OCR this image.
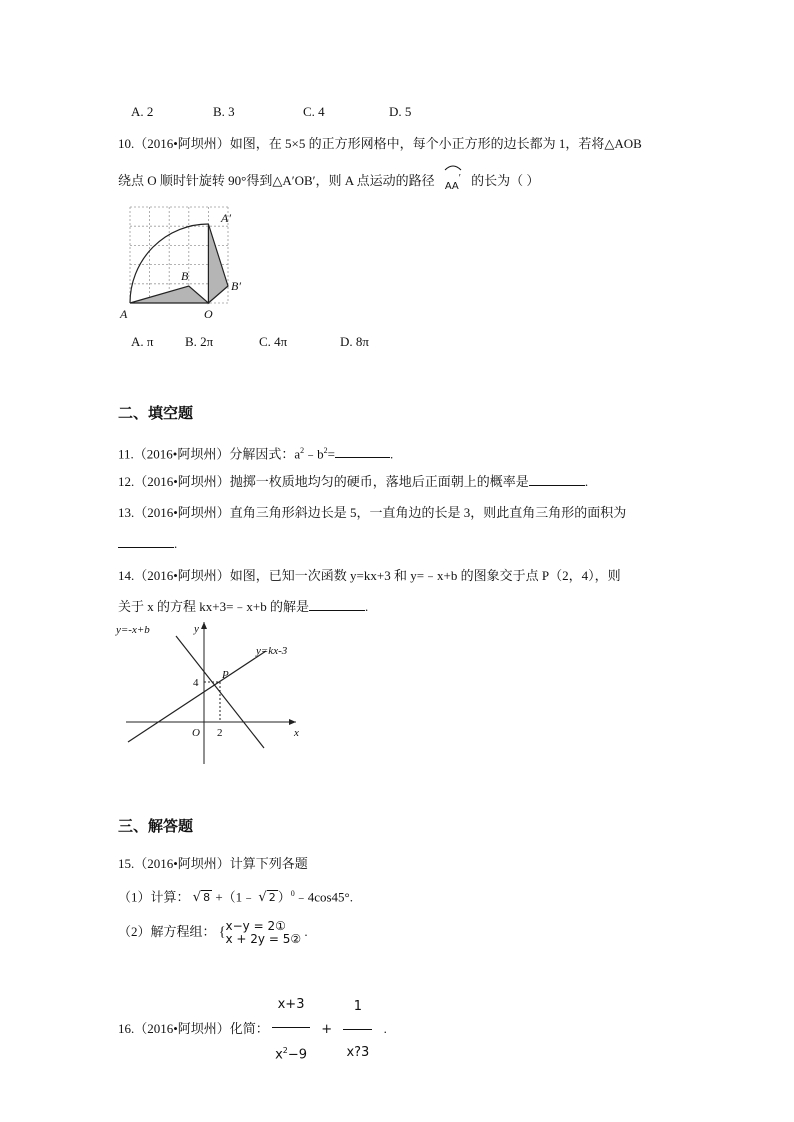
A. 2	B. 3	C. 4	D. 5
10.（2016•阿坝州）如图，在 5×5 的正方形网格中，每个小正方形的边长都为 1，若将△AOB
绕点 O 顺时针旋转 90°得到△A′OB′，则 A 点运动的路径 $_{AA}$′ 的长为（ ）
A	O
B
A′
B′
A. π B. 2π	C. 4π	D. 8π
二、填空题
11.（2016•阿坝州）分解因式：$a^2﹣b^2=$	.
12.（2016•阿坝州）抛掷一枚质地均匀的硬币，落地后正面朝上的概率是	.
13.（2016•阿坝州）直角三角形斜边长是 5，一直角边的长是 3，则此直角三角形的面积为
.
14.（2016•阿坝州）如图，已知一次函数 y=kx+3 和 y=﹣x+b 的图象交于点 P（2，4），则
关于 x 的方程 kx+3=﹣x+b 的解是	.
y=-x+b
y=kx-3
y
x
P
O
4
2
三、解答题
15.（2016•阿坝州）计算下列各题
（1）计算： √ 8 +（1﹣ √ 2 ）$^0$﹣4cos45°.
（2）解方程组： { x−y = 2①
x + 2y = 5②
.
16.（2016•阿坝州）化简： $\frac{x+3}{x^2-9} + \frac{1}{x?3}$ .
